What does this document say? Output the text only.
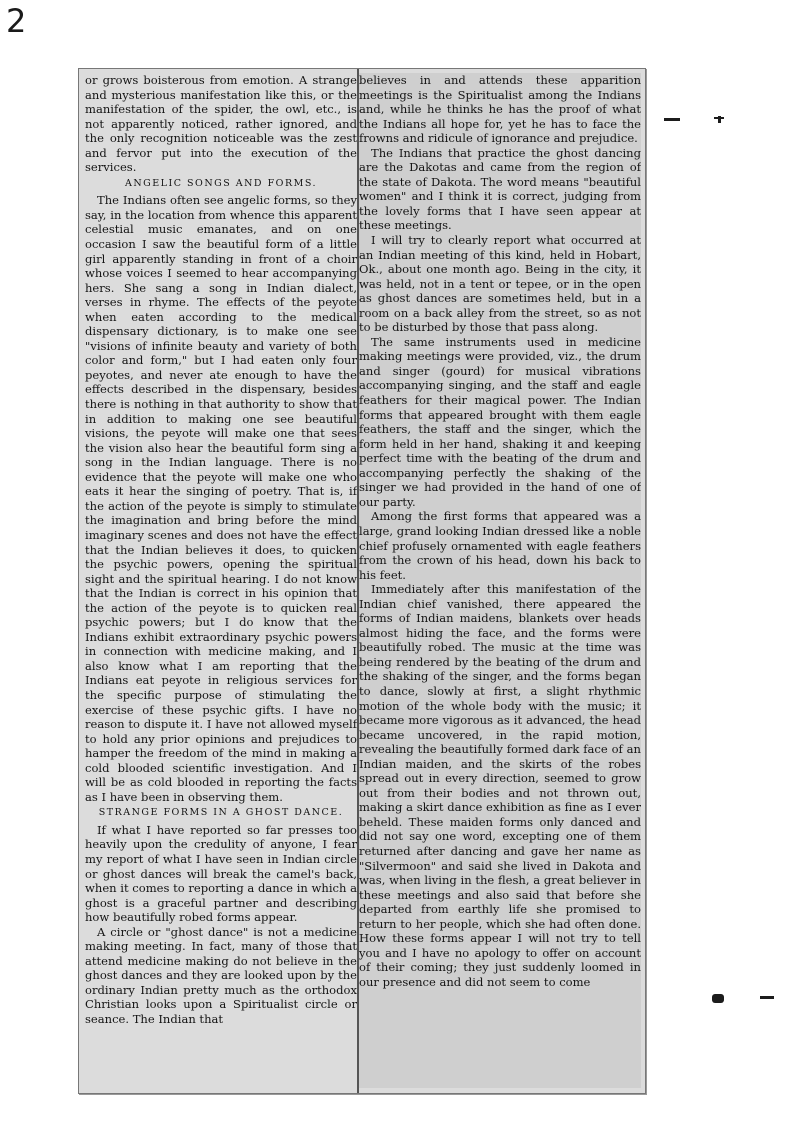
2

or grows boisterous from emotion. A strange and mysterious manifestation like this, or the manifestation of the spider, the owl, etc., is not apparently noticed, rather ignored, and the only recognition noticeable was the zest and fervor put into the execution of the services.

ANGELIC SONGS AND FORMS.

The Indians often see angelic forms, so they say, in the location from whence this apparent celestial music emanates, and on one occasion I saw the beautiful form of a little girl apparently standing in front of a choir whose voices I seemed to hear accompanying hers. She sang a song in Indian dialect, verses in rhyme. The effects of the peyote when eaten according to the medical dispensary dictionary, is to make one see "visions of infinite beauty and variety of both color and form," but I had eaten only four peyotes, and never ate enough to have the effects described in the dispensary, besides there is nothing in that authority to show that in addition to making one see beautiful visions, the peyote will make one that sees the vision also hear the beautiful form sing a song in the Indian language. There is no evidence that the peyote will make one who eats it hear the singing of poetry. That is, if the action of the peyote is simply to stimulate the imagination and bring before the mind imaginary scenes and does not have the effect that the Indian believes it does, to quicken the psychic powers, opening the spiritual sight and the spiritual hearing. I do not know that the Indian is correct in his opinion that the action of the peyote is to quicken real psychic powers; but I do know that the Indians exhibit extraordinary psychic powers in connection with medicine making, and I also know what I am reporting that the Indians eat peyote in religious services for the specific purpose of stimulating the exercise of these psychic gifts. I have no reason to dispute it. I have not allowed myself to hold any prior opinions and prejudices to hamper the freedom of the mind in making a cold blooded scientific investigation. And I will be as cold blooded in reporting the facts as I have been in observing them.

STRANGE FORMS IN A GHOST DANCE.

If what I have reported so far presses too heavily upon the credulity of anyone, I fear my report of what I have seen in Indian circle or ghost dances will break the camel's back, when it comes to reporting a dance in which a ghost is a graceful partner and describing how beautifully robed forms appear.

A circle or "ghost dance" is not a medicine making meeting. In fact, many of those that attend medicine making do not believe in the ghost dances and they are looked upon by the ordinary Indian pretty much as the orthodox Christian looks upon a Spiritualist circle or seance. The Indian that

believes in and attends these apparition meetings is the Spiritualist among the Indians and, while he thinks he has the proof of what the Indians all hope for, yet he has to face the frowns and ridicule of ignorance and prejudice.

The Indians that practice the ghost dancing are the Dakotas and came from the region of the state of Dakota. The word means "beautiful women" and I think it is correct, judging from the lovely forms that I have seen appear at these meetings.

I will try to clearly report what occurred at an Indian meeting of this kind, held in Hobart, Ok., about one month ago. Being in the city, it was held, not in a tent or tepee, or in the open as ghost dances are sometimes held, but in a room on a back alley from the street, so as not to be disturbed by those that pass along.

The same instruments used in medicine making meetings were provided, viz., the drum and singer (gourd) for musical vibrations accompanying singing, and the staff and eagle feathers for their magical power. The Indian forms that appeared brought with them eagle feathers, the staff and the singer, which the form held in her hand, shaking it and keeping perfect time with the beating of the drum and accompanying perfectly the shaking of the singer we had provided in the hand of one of our party.

Among the first forms that appeared was a large, grand looking Indian dressed like a noble chief profusely ornamented with eagle feathers from the crown of his head, down his back to his feet.

Immediately after this manifestation of the Indian chief vanished, there appeared the forms of Indian maidens, blankets over heads almost hiding the face, and the forms were beautifully robed. The music at the time was being rendered by the beating of the drum and the shaking of the singer, and the forms began to dance, slowly at first, a slight rhythmic motion of the whole body with the music; it became more vigorous as it advanced, the head became uncovered, in the rapid motion, revealing the beautifully formed dark face of an Indian maiden, and the skirts of the robes spread out in every direction, seemed to grow out from their bodies and not thrown out, making a skirt dance exhibition as fine as I ever beheld. These maiden forms only danced and did not say one word, excepting one of them returned after dancing and gave her name as "Silvermoon" and said she lived in Dakota and was, when living in the flesh, a great believer in these meetings and also said that before she departed from earthly life she promised to return to her people, which she had often done. How these forms appear I will not try to tell you and I have no apology to offer on account of their coming; they just suddenly loomed in our presence and did not seem to come
